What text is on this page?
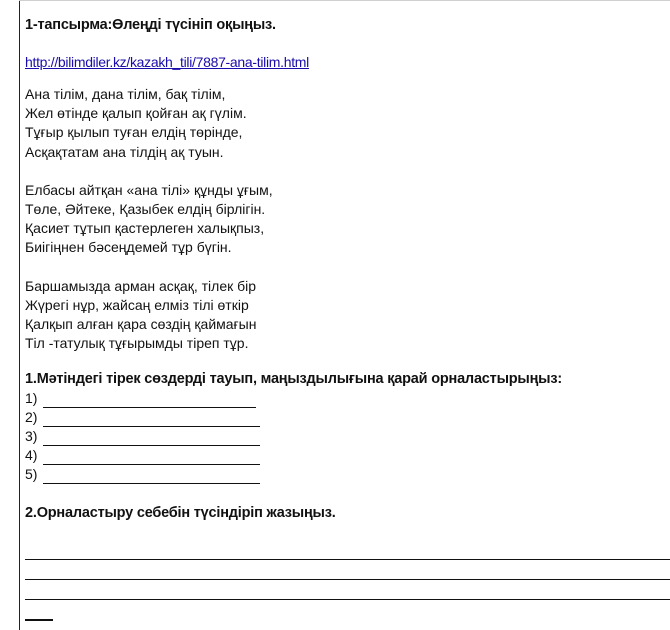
1-тапсырма:Өлеңді түсініп оқыңыз.
http://bilimdiler.kz/kazakh_tili/7887-ana-tilim.html
Ана тілім, дана тілім, бақ тілім,
Жел өтінде қалып қойған ақ гүлім.
Тұғыр қылып туған елдің төрінде,
Асқақтатам ана тілдің ақ туын.
Елбасы айтқан «ана тілі» құнды ұғым,
Төле, Әйтеке, Қазыбек елдің бірлігін.
Қасиет тұтып қастерлеген халықпыз,
Биігіңнен бәсеңдемей тұр бүгін.
Баршамызда арман асқақ, тілек бір
Жүрегі нұр, жайсаң елміз тілі өткір
Қалқып алған қара сөздің қаймағын
Тіл -татулық тұғырымды тіреп тұр.
1.Мәтіндегі тірек сөздерді тауып, маңыздылығына қарай орналастырыңыз:
1)
2)
3)
4)
5)
2.Орналастыру себебін түсіндіріп жазыңыз.
